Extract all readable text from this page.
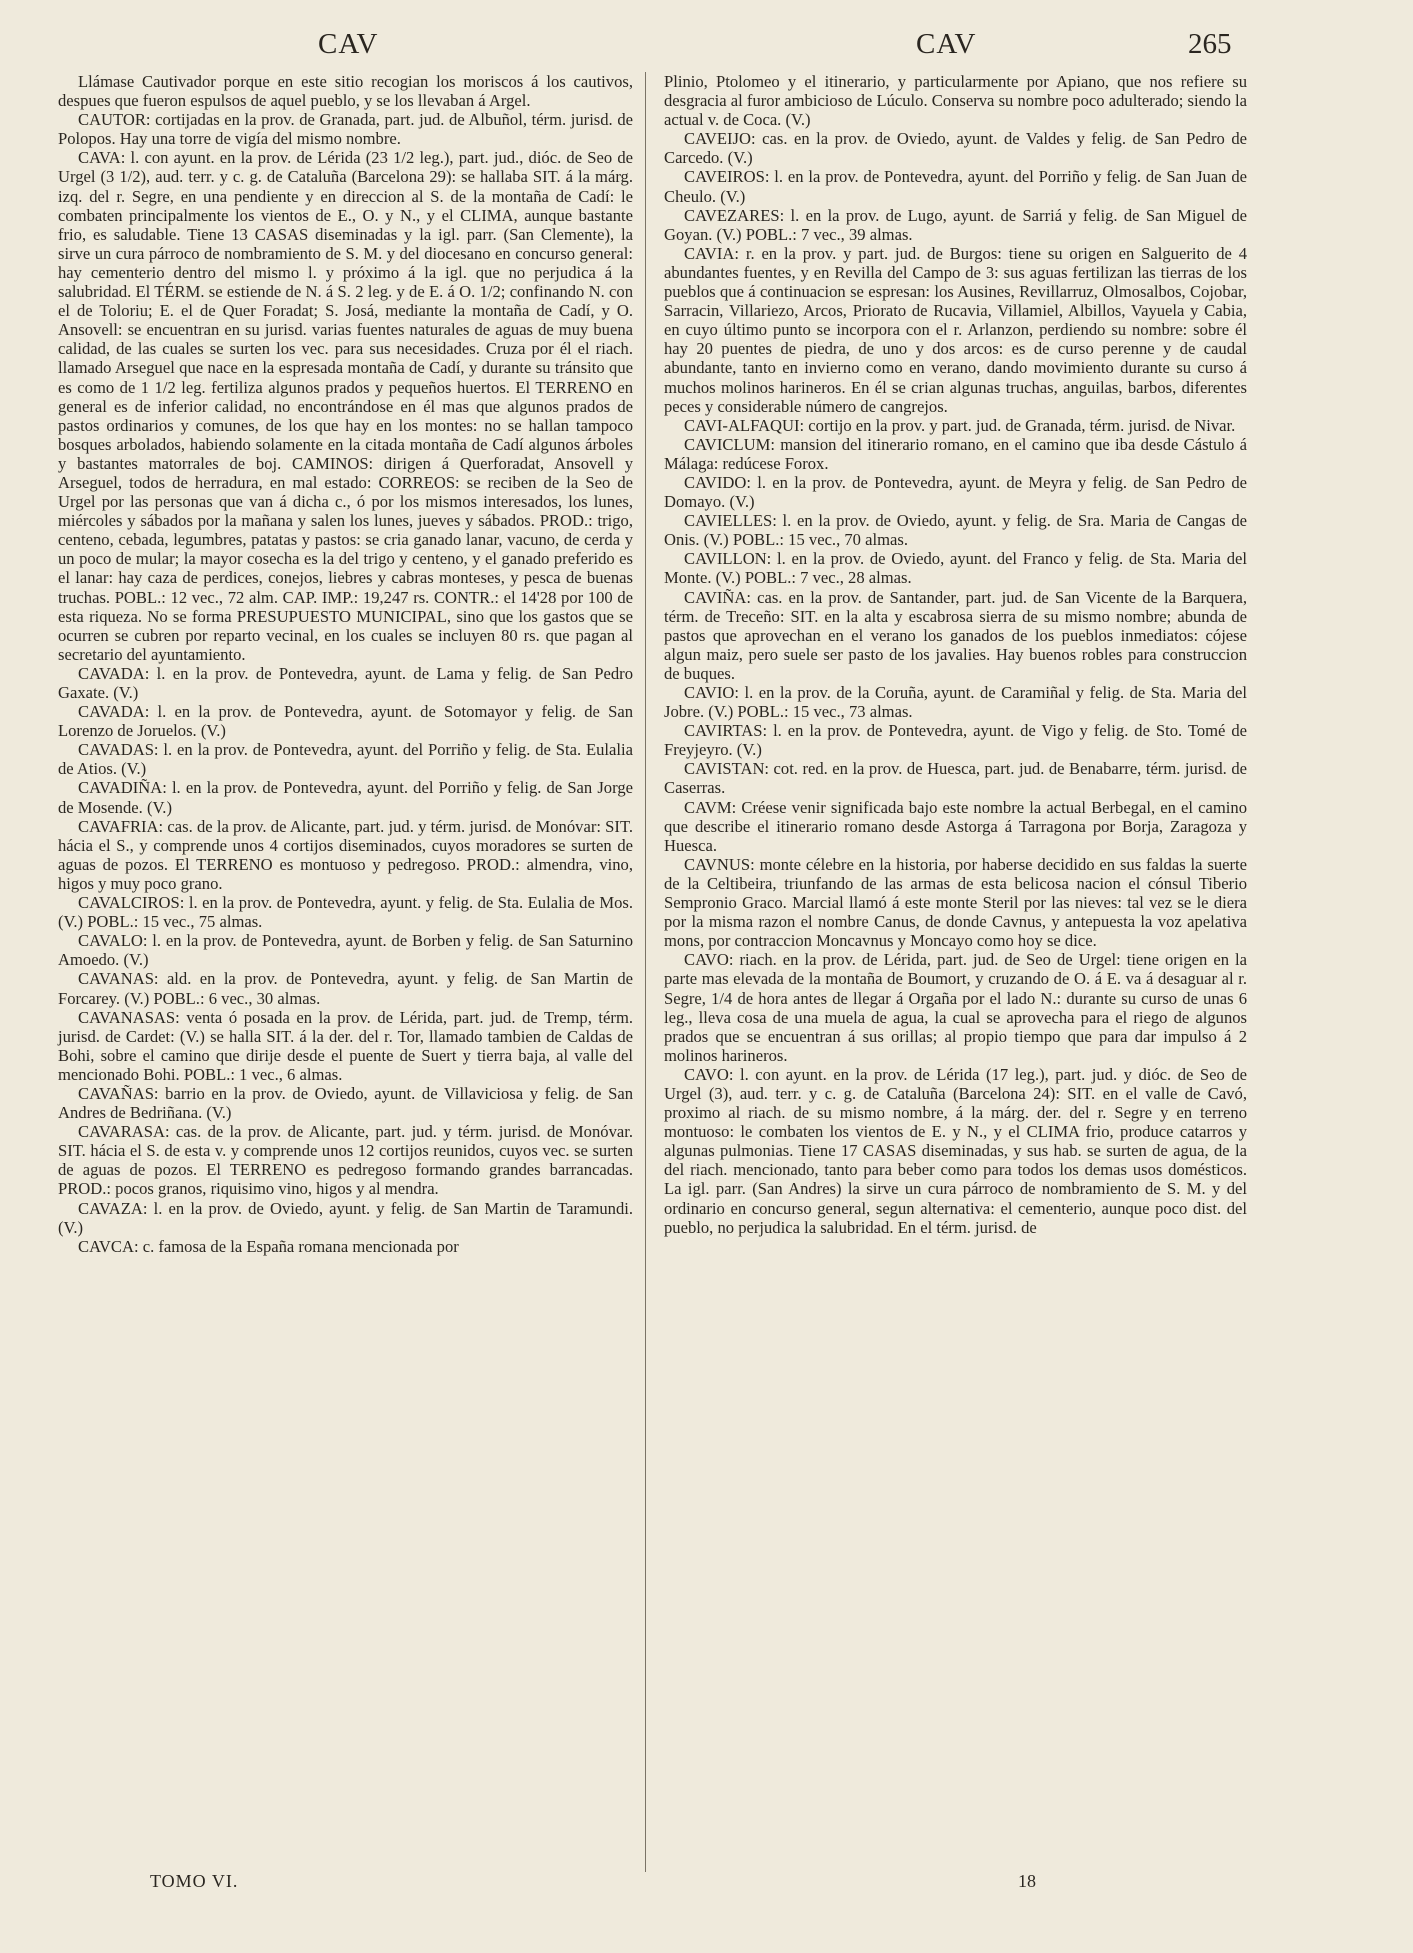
CAV	CAV	265

Llámase Cautivador porque en este sitio recogian los moriscos á los cautivos, despues que fueron espulsos de aquel pueblo, y se los llevaban á Argel.

CAUTOR: cortijadas en la prov. de Granada, part. jud. de Albuñol, térm. jurisd. de Polopos. Hay una torre de vigía del mismo nombre.

CAVA: l. con ayunt. en la prov. de Lérida (23 1/2 leg.), part. jud., dióc. de Seo de Urgel (3 1/2), aud. terr. y c. g. de Cataluña (Barcelona 29): se hallaba SIT. á la márg. izq. del r. Segre, en una pendiente y en direccion al S. de la montaña de Cadí: le combaten principalmente los vientos de E., O. y N., y el CLIMA, aunque bastante frio, es saludable. Tiene 13 CASAS diseminadas y la igl. parr. (San Clemente), la sirve un cura párroco de nombramiento de S. M. y del diocesano en concurso general: hay cementerio dentro del mismo l. y próximo á la igl. que no perjudica á la salubridad. El TÉRM. se estiende de N. á S. 2 leg. y de E. á O. 1/2; confinando N. con el de Toloriu; E. el de Quer Foradat; S. Josá, mediante la montaña de Cadí, y O. Ansovell: se encuentran en su jurisd. varias fuentes naturales de aguas de muy buena calidad, de las cuales se surten los vec. para sus necesidades. Cruza por él el riach. llamado Arseguel que nace en la espresada montaña de Cadí, y durante su tránsito que es como de 1 1/2 leg. fertiliza algunos prados y pequeños huertos. El TERRENO en general es de inferior calidad, no encontrándose en él mas que algunos prados de pastos ordinarios y comunes, de los que hay en los montes: no se hallan tampoco bosques arbolados, habiendo solamente en la citada montaña de Cadí algunos árboles y bastantes matorrales de boj. CAMINOS: dirigen á Querforadat, Ansovell y Arseguel, todos de herradura, en mal estado: CORREOS: se reciben de la Seo de Urgel por las personas que van á dicha c., ó por los mismos interesados, los lunes, miércoles y sábados por la mañana y salen los lunes, jueves y sábados. PROD.: trigo, centeno, cebada, legumbres, patatas y pastos: se cria ganado lanar, vacuno, de cerda y un poco de mular; la mayor cosecha es la del trigo y centeno, y el ganado preferido es el lanar: hay caza de perdices, conejos, liebres y cabras monteses, y pesca de buenas truchas. POBL.: 12 vec., 72 alm. CAP. IMP.: 19,247 rs. CONTR.: el 14'28 por 100 de esta riqueza. No se forma PRESUPUESTO MUNICIPAL, sino que los gastos que se ocurren se cubren por reparto vecinal, en los cuales se incluyen 80 rs. que pagan al secretario del ayuntamiento.

CAVADA: l. en la prov. de Pontevedra, ayunt. de Lama y felig. de San Pedro Gaxate. (V.)

CAVADA: l. en la prov. de Pontevedra, ayunt. de Sotomayor y felig. de San Lorenzo de Joruelos. (V.)

CAVADAS: l. en la prov. de Pontevedra, ayunt. del Porriño y felig. de Sta. Eulalia de Atios. (V.)

CAVADIÑA: l. en la prov. de Pontevedra, ayunt. del Porriño y felig. de San Jorge de Mosende. (V.)

CAVAFRIA: cas. de la prov. de Alicante, part. jud. y térm. jurisd. de Monóvar: SIT. hácia el S., y comprende unos 4 cortijos diseminados, cuyos moradores se surten de aguas de pozos. El TERRENO es montuoso y pedregoso. PROD.: almendra, vino, higos y muy poco grano.

CAVALCIROS: l. en la prov. de Pontevedra, ayunt. y felig. de Sta. Eulalia de Mos. (V.) POBL.: 15 vec., 75 almas.

CAVALO: l. en la prov. de Pontevedra, ayunt. de Borben y felig. de San Saturnino Amoedo. (V.)

CAVANAS: ald. en la prov. de Pontevedra, ayunt. y felig. de San Martin de Forcarey. (V.) POBL.: 6 vec., 30 almas.

CAVANASAS: venta ó posada en la prov. de Lérida, part. jud. de Tremp, térm. jurisd. de Cardet: (V.) se halla SIT. á la der. del r. Tor, llamado tambien de Caldas de Bohi, sobre el camino que dirije desde el puente de Suert y tierra baja, al valle del mencionado Bohi. POBL.: 1 vec., 6 almas.

CAVAÑAS: barrio en la prov. de Oviedo, ayunt. de Villaviciosa y felig. de San Andres de Bedriñana. (V.)

CAVARASA: cas. de la prov. de Alicante, part. jud. y térm. jurisd. de Monóvar. SIT. hácia el S. de esta v. y comprende unos 12 cortijos reunidos, cuyos vec. se surten de aguas de pozos. El TERRENO es pedregoso formando grandes barrancadas. PROD.: pocos granos, riquisimo vino, higos y al mendra.

CAVAZA: l. en la prov. de Oviedo, ayunt. y felig. de San Martin de Taramundi. (V.)

CAVCA: c. famosa de la España romana mencionada por

Plinio, Ptolomeo y el itinerario, y particularmente por Apiano, que nos refiere su desgracia al furor ambicioso de Lúculo. Conserva su nombre poco adulterado; siendo la actual v. de Coca. (V.)

CAVEIJO: cas. en la prov. de Oviedo, ayunt. de Valdes y felig. de San Pedro de Carcedo. (V.)

CAVEIROS: l. en la prov. de Pontevedra, ayunt. del Porriño y felig. de San Juan de Cheulo. (V.)

CAVEZARES: l. en la prov. de Lugo, ayunt. de Sarriá y felig. de San Miguel de Goyan. (V.) POBL.: 7 vec., 39 almas.

CAVIA: r. en la prov. y part. jud. de Burgos: tiene su origen en Salguerito de 4 abundantes fuentes, y en Revilla del Campo de 3: sus aguas fertilizan las tierras de los pueblos que á continuacion se espresan: los Ausines, Revillarruz, Olmosalbos, Cojobar, Sarracin, Villariezo, Arcos, Priorato de Rucavia, Villamiel, Albillos, Vayuela y Cabia, en cuyo último punto se incorpora con el r. Arlanzon, perdiendo su nombre: sobre él hay 20 puentes de piedra, de uno y dos arcos: es de curso perenne y de caudal abundante, tanto en invierno como en verano, dando movimiento durante su curso á muchos molinos harineros. En él se crian algunas truchas, anguilas, barbos, diferentes peces y considerable número de cangrejos.

CAVI-ALFAQUI: cortijo en la prov. y part. jud. de Granada, térm. jurisd. de Nivar.

CAVICLUM: mansion del itinerario romano, en el camino que iba desde Cástulo á Málaga: redúcese Forox.

CAVIDO: l. en la prov. de Pontevedra, ayunt. de Meyra y felig. de San Pedro de Domayo. (V.)

CAVIELLES: l. en la prov. de Oviedo, ayunt. y felig. de Sra. Maria de Cangas de Onis. (V.) POBL.: 15 vec., 70 almas.

CAVILLON: l. en la prov. de Oviedo, ayunt. del Franco y felig. de Sta. Maria del Monte. (V.) POBL.: 7 vec., 28 almas.

CAVIÑA: cas. en la prov. de Santander, part. jud. de San Vicente de la Barquera, térm. de Treceño: SIT. en la alta y escabrosa sierra de su mismo nombre; abunda de pastos que aprovechan en el verano los ganados de los pueblos inmediatos: cójese algun maiz, pero suele ser pasto de los javalies. Hay buenos robles para construccion de buques.

CAVIO: l. en la prov. de la Coruña, ayunt. de Caramiñal y felig. de Sta. Maria del Jobre. (V.) POBL.: 15 vec., 73 almas.

CAVIRTAS: l. en la prov. de Pontevedra, ayunt. de Vigo y felig. de Sto. Tomé de Freyjeyro. (V.)

CAVISTAN: cot. red. en la prov. de Huesca, part. jud. de Benabarre, térm. jurisd. de Caserras.

CAVM: Créese venir significada bajo este nombre la actual Berbegal, en el camino que describe el itinerario romano desde Astorga á Tarragona por Borja, Zaragoza y Huesca.

CAVNUS: monte célebre en la historia, por haberse decidido en sus faldas la suerte de la Celtibeira, triunfando de las armas de esta belicosa nacion el cónsul Tiberio Sempronio Graco. Marcial llamó á este monte Steril por las nieves: tal vez se le diera por la misma razon el nombre Canus, de donde Cavnus, y antepuesta la voz apelativa mons, por contraccion Moncavnus y Moncayo como hoy se dice.

CAVO: riach. en la prov. de Lérida, part. jud. de Seo de Urgel: tiene origen en la parte mas elevada de la montaña de Boumort, y cruzando de O. á E. va á desaguar al r. Segre, 1/4 de hora antes de llegar á Orgaña por el lado N.: durante su curso de unas 6 leg., lleva cosa de una muela de agua, la cual se aprovecha para el riego de algunos prados que se encuentran á sus orillas; al propio tiempo que para dar impulso á 2 molinos harineros.

CAVO: l. con ayunt. en la prov. de Lérida (17 leg.), part. jud. y dióc. de Seo de Urgel (3), aud. terr. y c. g. de Cataluña (Barcelona 24): SIT. en el valle de Cavó, proximo al riach. de su mismo nombre, á la márg. der. del r. Segre y en terreno montuoso: le combaten los vientos de E. y N., y el CLIMA frio, produce catarros y algunas pulmonias. Tiene 17 CASAS diseminadas, y sus hab. se surten de agua, de la del riach. mencionado, tanto para beber como para todos los demas usos domésticos. La igl. parr. (San Andres) la sirve un cura párroco de nombramiento de S. M. y del ordinario en concurso general, segun alternativa: el cementerio, aunque poco dist. del pueblo, no perjudica la salubridad. En el térm. jurisd. de

TOMO VI.	18
